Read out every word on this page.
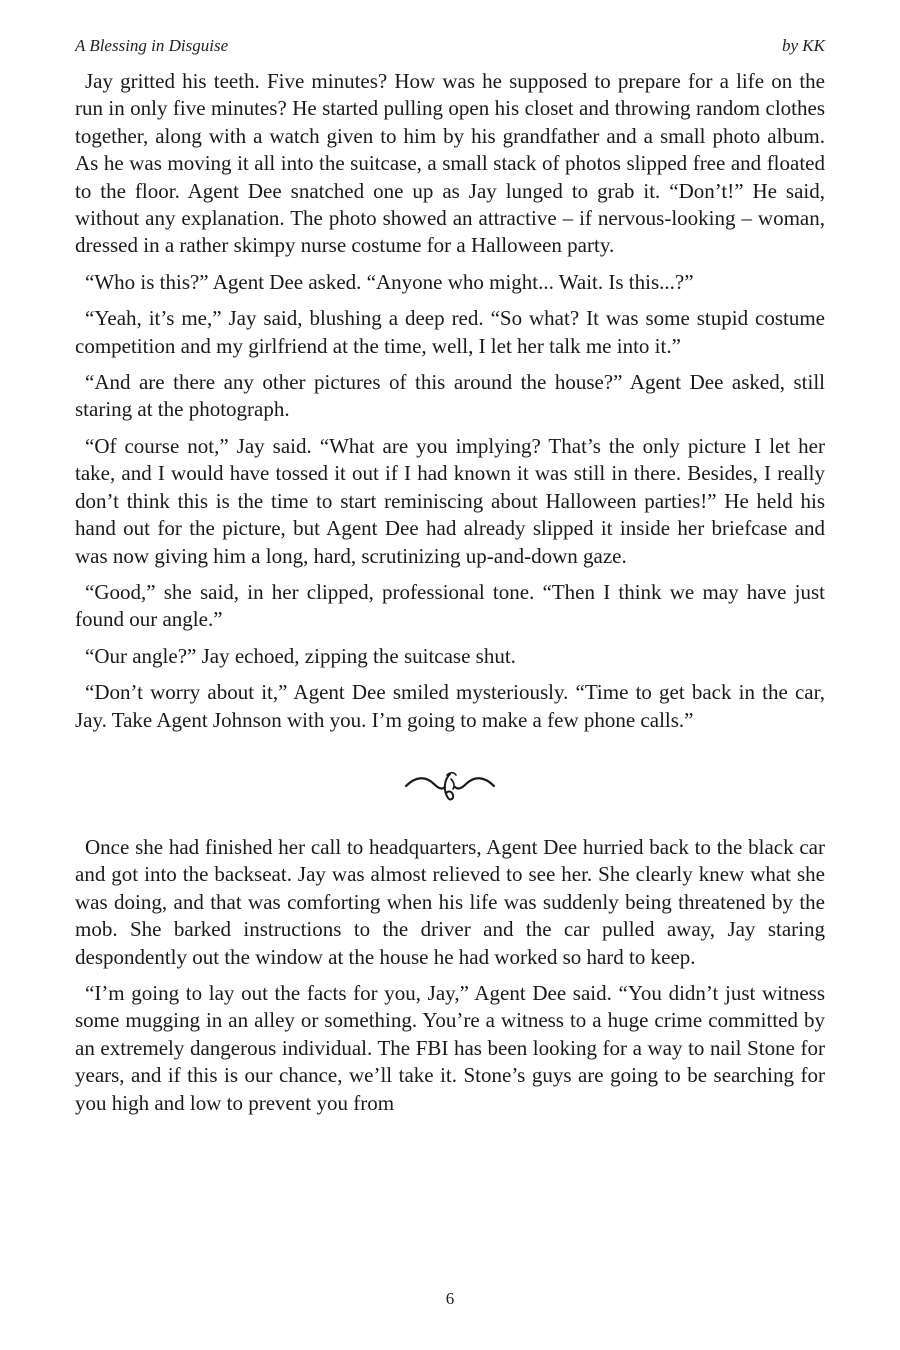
A Blessing in Disguise	by KK

Jay gritted his teeth. Five minutes? How was he supposed to prepare for a life on the run in only five minutes? He started pulling open his closet and throwing random clothes together, along with a watch given to him by his grandfather and a small photo album. As he was moving it all into the suitcase, a small stack of photos slipped free and floated to the floor. Agent Dee snatched one up as Jay lunged to grab it. “Don’t!” He said, without any explanation. The photo showed an attractive – if nervous-looking – woman, dressed in a rather skimpy nurse costume for a Halloween party.

“Who is this?” Agent Dee asked. “Anyone who might... Wait. Is this...?”

“Yeah, it’s me,” Jay said, blushing a deep red. “So what? It was some stupid costume competition and my girlfriend at the time, well, I let her talk me into it.”

“And are there any other pictures of this around the house?” Agent Dee asked, still staring at the photograph.

“Of course not,” Jay said. “What are you implying? That’s the only picture I let her take, and I would have tossed it out if I had known it was still in there. Besides, I really don’t think this is the time to start reminiscing about Halloween parties!” He held his hand out for the picture, but Agent Dee had already slipped it inside her briefcase and was now giving him a long, hard, scrutinizing up-and-down gaze.

“Good,” she said, in her clipped, professional tone. “Then I think we may have just found our angle.”

“Our angle?” Jay echoed, zipping the suitcase shut.

“Don’t worry about it,” Agent Dee smiled mysteriously. “Time to get back in the car, Jay. Take Agent Johnson with you. I’m going to make a few phone calls.”

Once she had finished her call to headquarters, Agent Dee hurried back to the black car and got into the backseat. Jay was almost relieved to see her. She clearly knew what she was doing, and that was comforting when his life was suddenly being threatened by the mob. She barked instructions to the driver and the car pulled away, Jay staring despondently out the window at the house he had worked so hard to keep.

“I’m going to lay out the facts for you, Jay,” Agent Dee said. “You didn’t just witness some mugging in an alley or something. You’re a witness to a huge crime committed by an extremely dangerous individual. The FBI has been looking for a way to nail Stone for years, and if this is our chance, we’ll take it. Stone’s guys are going to be searching for you high and low to prevent you from

6
